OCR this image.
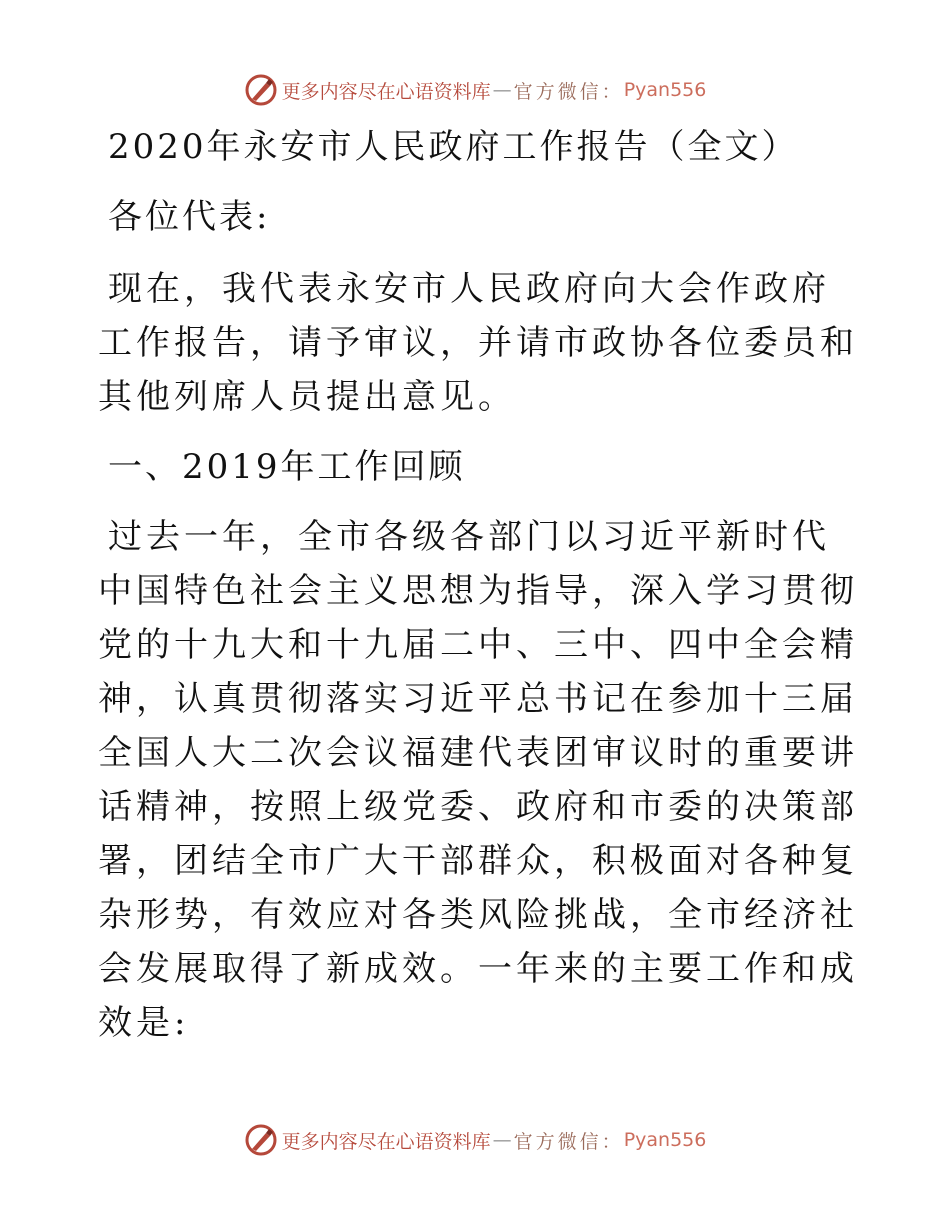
更多内容尽在心语资料库 — 官方微信： Pyan556
2020年永安市人民政府工作报告（全文）
各位代表:

现在，我代表永安市人民政府向大会作政府工作报告，请予审议，并请市政协各位委员和其他列席人员提出意见。

一、2019年工作回顾

过去一年，全市各级各部门以习近平新时代中国特色社会主义思想为指导，深入学习贯彻党的十九大和十九届二中、三中、四中全会精神，认真贯彻落实习近平总书记在参加十三届全国人大二次会议福建代表团审议时的重要讲话精神，按照上级党委、政府和市委的决策部署，团结全市广大干部群众，积极面对各种复杂形势，有效应对各类风险挑战，全市经济社会发展取得了新成效。一年来的主要工作和成效是:

更多内容尽在心语资料库 — 官方微信： Pyan556
